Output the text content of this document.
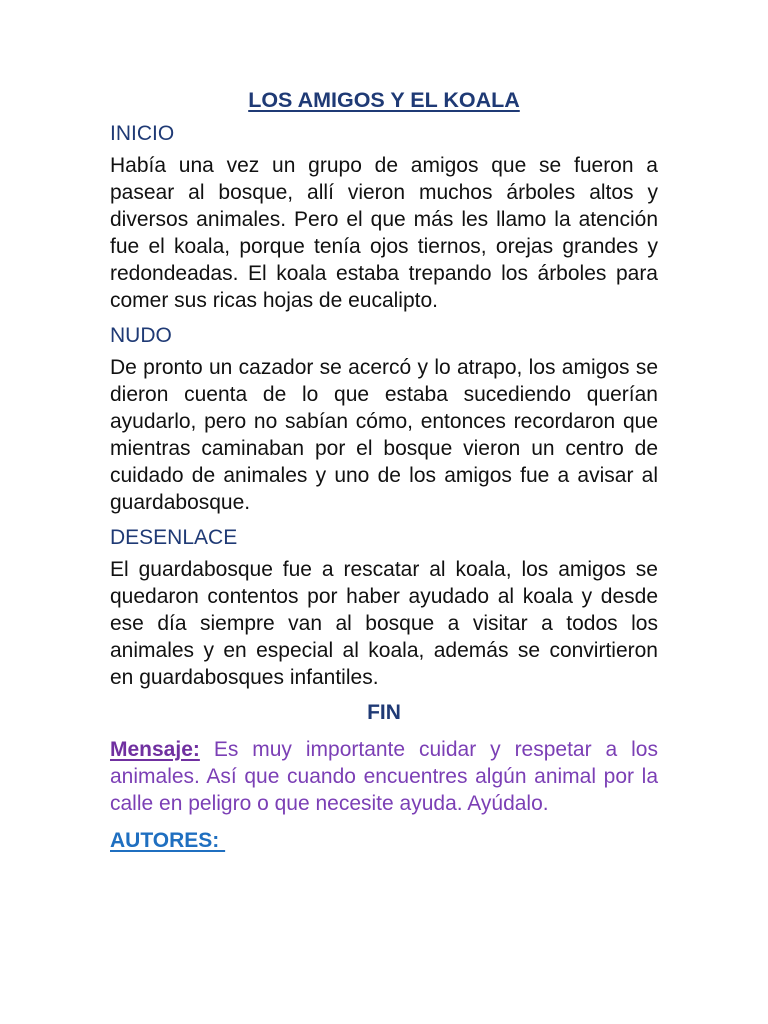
LOS AMIGOS Y EL KOALA
INICIO

Había una vez un grupo de amigos que se fueron a pasear al bosque, allí vieron muchos árboles altos y diversos animales. Pero el que más les llamo la atención fue el koala, porque tenía ojos tiernos, orejas grandes y redondeadas. El koala estaba trepando los árboles para comer sus ricas hojas de eucalipto.

NUDO

De pronto un cazador se acercó y lo atrapo, los amigos se dieron cuenta de lo que estaba sucediendo querían ayudarlo, pero no sabían cómo, entonces recordaron que mientras caminaban por el bosque vieron un centro de cuidado de animales y uno de los amigos fue a avisar al guardabosque.

DESENLACE

El guardabosque fue a rescatar al koala, los amigos se quedaron contentos por haber ayudado al koala y desde ese día siempre van al bosque a visitar a todos los animales y en especial al koala, además se convirtieron en guardabosques infantiles.

FIN

Mensaje: Es muy importante cuidar y respetar a los animales. Así que cuando encuentres algún animal por la calle en peligro o que necesite ayuda. Ayúdalo.

AUTORES:
